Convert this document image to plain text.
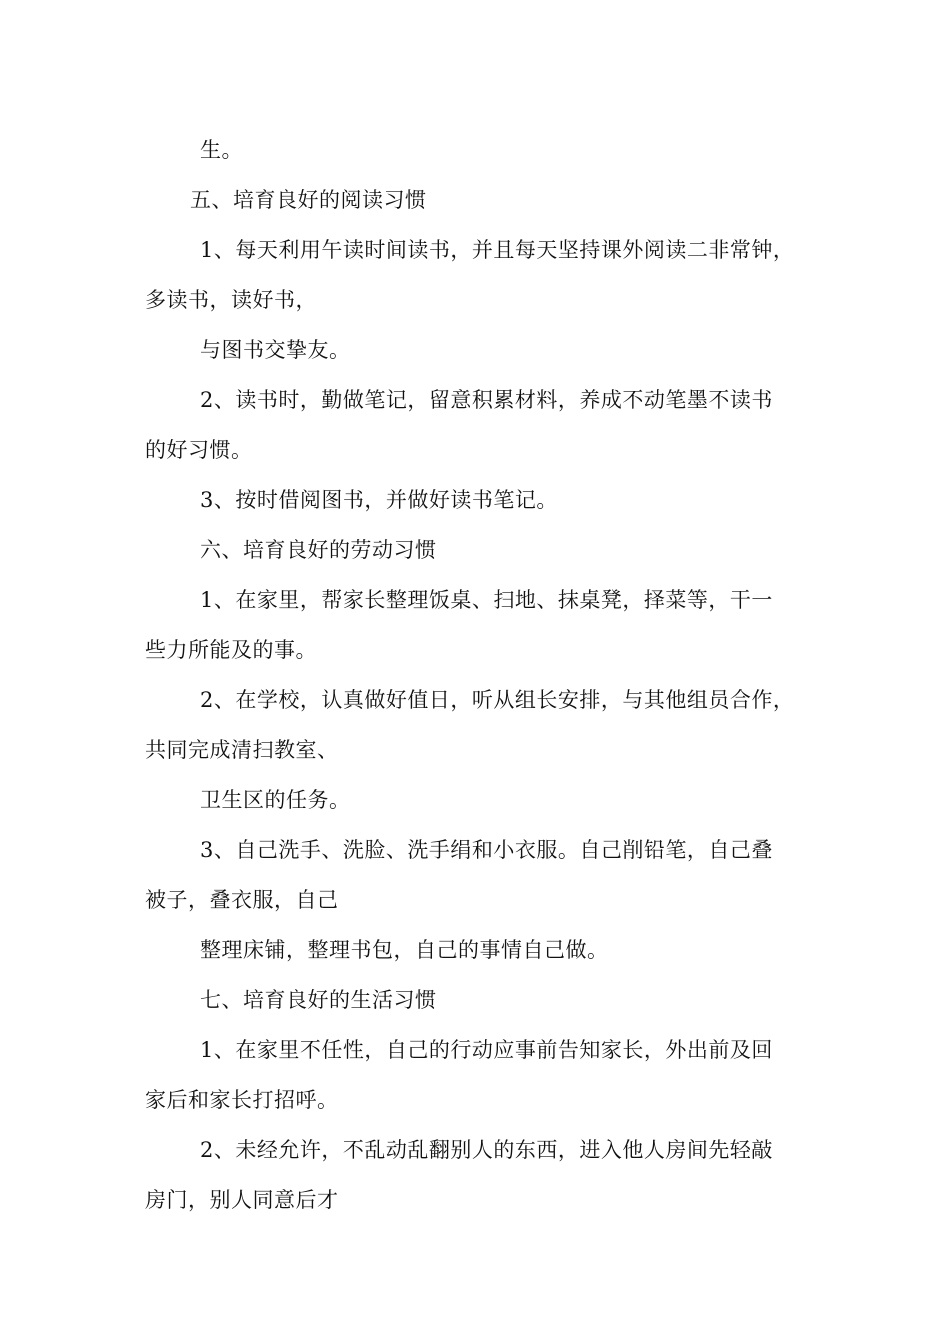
生。
五、培育良好的阅读习惯
1、每天利用午读时间读书，并且每天坚持课外阅读二非常钟，
多读书，读好书，
与图书交挚友。
2、读书时，勤做笔记，留意积累材料，养成不动笔墨不读书
的好习惯。
3、按时借阅图书，并做好读书笔记。
六、培育良好的劳动习惯
1、在家里，帮家长整理饭桌、扫地、抹桌凳，择菜等，干一
些力所能及的事。
2、在学校，认真做好值日，听从组长安排，与其他组员合作，
共同完成清扫教室、
卫生区的任务。
3、自己洗手、洗脸、洗手绢和小衣服。自己削铅笔，自己叠
被子，叠衣服，自己
整理床铺，整理书包，自己的事情自己做。
七、培育良好的生活习惯
1、在家里不任性，自己的行动应事前告知家长，外出前及回
家后和家长打招呼。
2、未经允许，不乱动乱翻别人的东西，进入他人房间先轻敲
房门，别人同意后才
